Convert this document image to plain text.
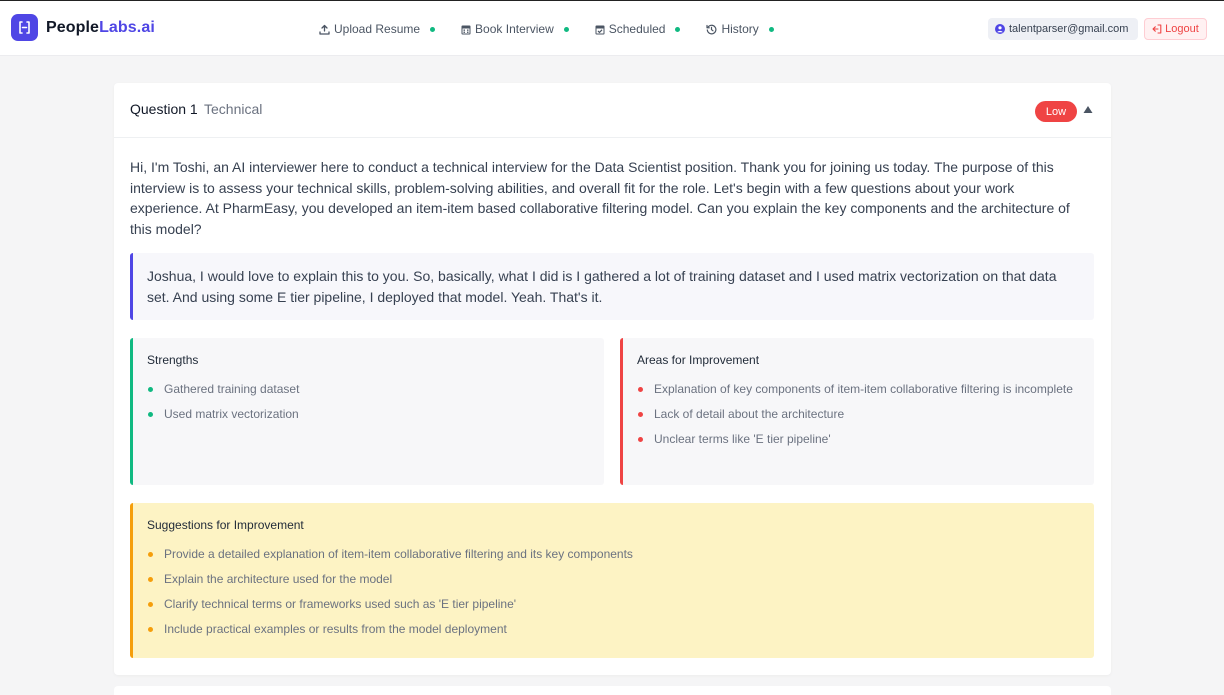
PeopleLabs.ai	Upload Resume	Book Interview	Scheduled	History	talentparser@gmail.com	Logout
Question 1 Technical	Low

Hi, I'm Toshi, an AI interviewer here to conduct a technical interview for the Data Scientist position. Thank you for joining us today. The purpose of this interview is to assess your technical skills, problem-solving abilities, and overall fit for the role. Let's begin with a few questions about your work experience. At PharmEasy, you developed an item-item based collaborative filtering model. Can you explain the key components and the architecture of this model?

Joshua, I would love to explain this to you. So, basically, what I did is I gathered a lot of training dataset and I used matrix vectorization on that data set. And using some E tier pipeline, I deployed that model. Yeah. That's it.
Strengths
Gathered training dataset
Used matrix vectorization
Areas for Improvement
Explanation of key components of item-item collaborative filtering is incomplete
Lack of detail about the architecture
Unclear terms like 'E tier pipeline'
Suggestions for Improvement
Provide a detailed explanation of item-item collaborative filtering and its key components
Explain the architecture used for the model
Clarify technical terms or frameworks used such as 'E tier pipeline'
Include practical examples or results from the model deployment
